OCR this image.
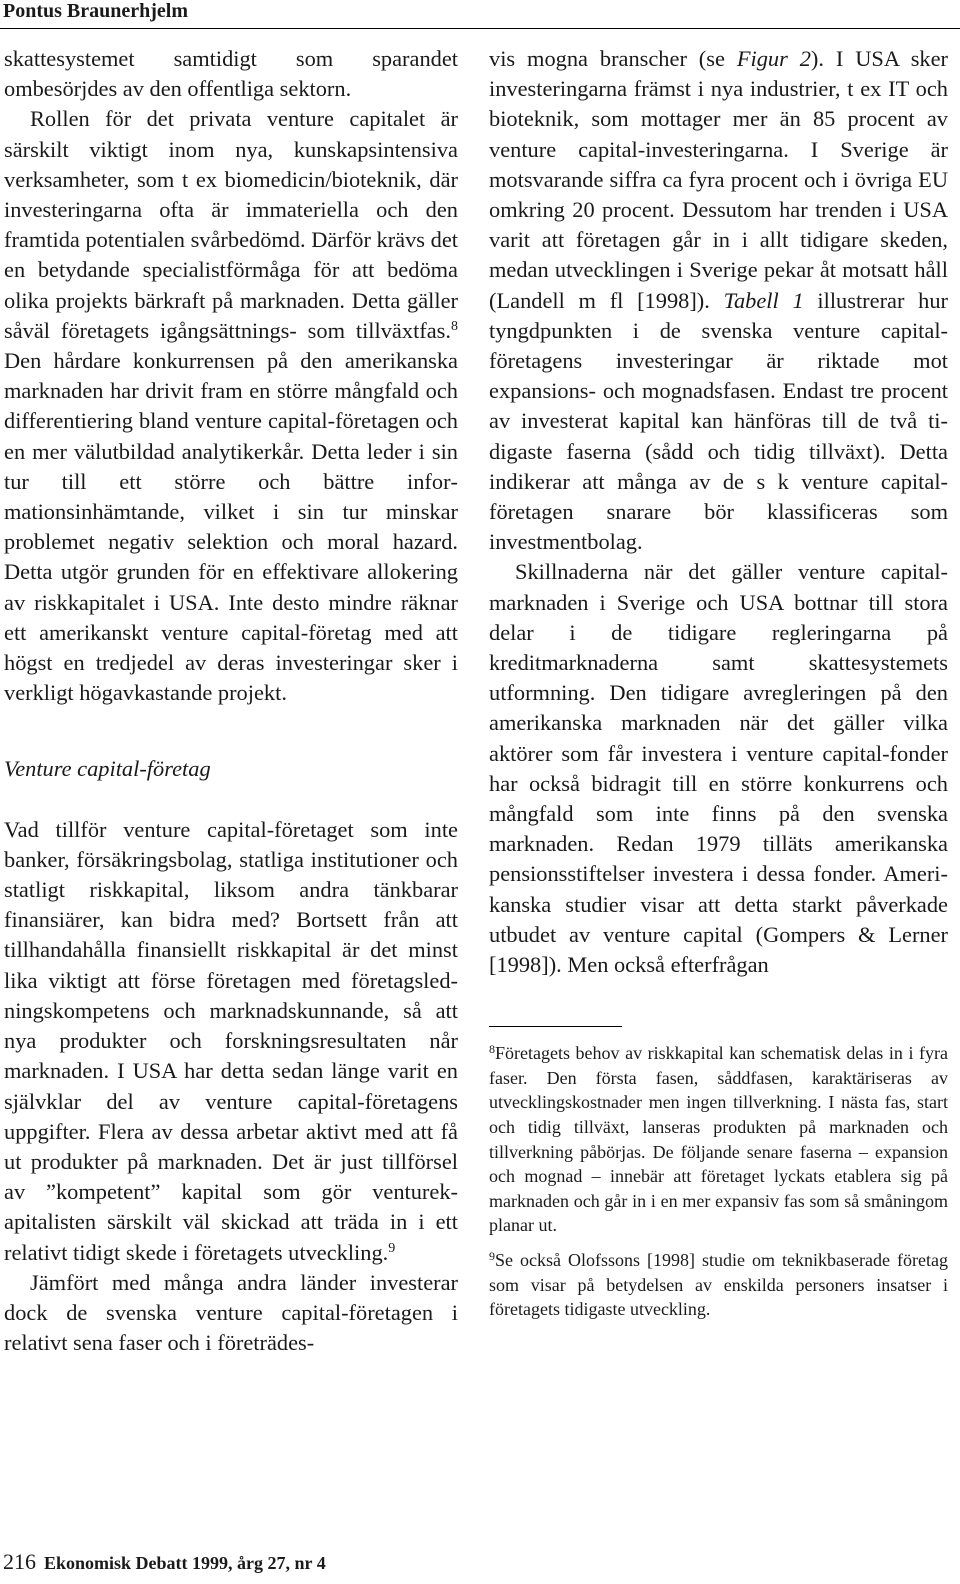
Pontus Braunerhjelm

skattesystemet samtidigt som sparandet ombesörjdes av den offentliga sektorn.

Rollen för det privata venture capitalet är särskilt viktigt inom nya, kunskapsintensiva verksamheter, som t ex biomedicin/bioteknik, där investeringarna ofta är immateriella och den framtida potentialen svårbedömd. Därför krävs det en betydande specialistförmåga för att bedöma olika projekts bärkraft på marknaden. Detta gäller såväl företagets igångsättnings- som tillväxtfas.$^8$ Den hårdare konkurrensen på den amerikanska marknaden har drivit fram en större mångfald och differentiering bland venture capital-företagen och en mer välutbildad analytikerkår. Detta leder i sin tur till ett större och bättre informationsinhämtande, vilket i sin tur minskar problemet negativ selektion och moral hazard. Detta utgör grunden för en effektivare allokering av riskkapitalet i USA. Inte desto mindre räknar ett amerikanskt venture capital-företag med att högst en tredjedel av deras investeringar sker i verkligt högavkastande projekt.

Venture capital-företag

Vad tillför venture capital-företaget som inte banker, försäkringsbolag, statliga institutioner och statligt riskkapital, liksom andra tänkbarar finansiärer, kan bidra med? Bortsett från att tillhandahålla finansiellt riskkapital är det minst lika viktigt att förse företagen med företagsledningskompetens och marknadskunnande, så att nya produkter och forskningsresultaten når marknaden. I USA har detta sedan länge varit en självklar del av venture capital-företagens uppgifter. Flera av dessa arbetar aktivt med att få ut produkter på marknaden. Det är just tillförsel av ”kompetent” kapital som gör venturekapitalisten särskilt väl skickad att träda in i ett relativt tidigt skede i företagets utveckling.$^9$

Jämfört med många andra länder investerar dock de svenska venture capital-företagen i relativt sena faser och i företrädes-

vis mogna branscher (se Figur 2). I USA sker investeringarna främst i nya industrier, t ex IT och bioteknik, som mottager mer än 85 procent av venture capital-investeringarna. I Sverige är motsvarande siffra ca fyra procent och i övriga EU omkring 20 procent. Dessutom har trenden i USA varit att företagen går in i allt tidigare skeden, medan utvecklingen i Sverige pekar åt motsatt håll (Landell m fl [1998]). Tabell 1 illustrerar hur tyngdpunkten i de svenska venture capital-företagens investeringar är riktade mot expansions- och mognadsfasen. Endast tre procent av investerat kapital kan hänföras till de två tidigaste faserna (sådd och tidig tillväxt). Detta indikerar att många av de s k venture capital-företagen snarare bör klassificeras som investmentbolag.

Skillnaderna när det gäller venture capital-marknaden i Sverige och USA bottnar till stora delar i de tidigare regleringarna på kreditmarknaderna samt skattesystemets utformning. Den tidigare avregleringen på den amerikanska marknaden när det gäller vilka aktörer som får investera i venture capital-fonder har också bidragit till en större konkurrens och mångfald som inte finns på den svenska marknaden. Redan 1979 tilläts amerikanska pensionsstiftelser investera i dessa fonder. Amerikanska studier visar att detta starkt påverkade utbudet av venture capital (Gompers & Lerner [1998]). Men också efterfrågan

$^8$Företagets behov av riskkapital kan schematisk delas in i fyra faser. Den första fasen, såddfasen, karaktäriseras av utvecklingskostnader men ingen tillverkning. I nästa fas, start och tidig tillväxt, lanseras produkten på marknaden och tillverkning påbörjas. De följande senare faserna – expansion och mognad – innebär att företaget lyckats etablera sig på marknaden och går in i en mer expansiv fas som så småningom planar ut.

$^9$Se också Olofssons [1998] studie om teknikbaserade företag som visar på betydelsen av enskilda personers insatser i företagets tidigaste utveckling.

216 Ekonomisk Debatt 1999, årg 27, nr 4
